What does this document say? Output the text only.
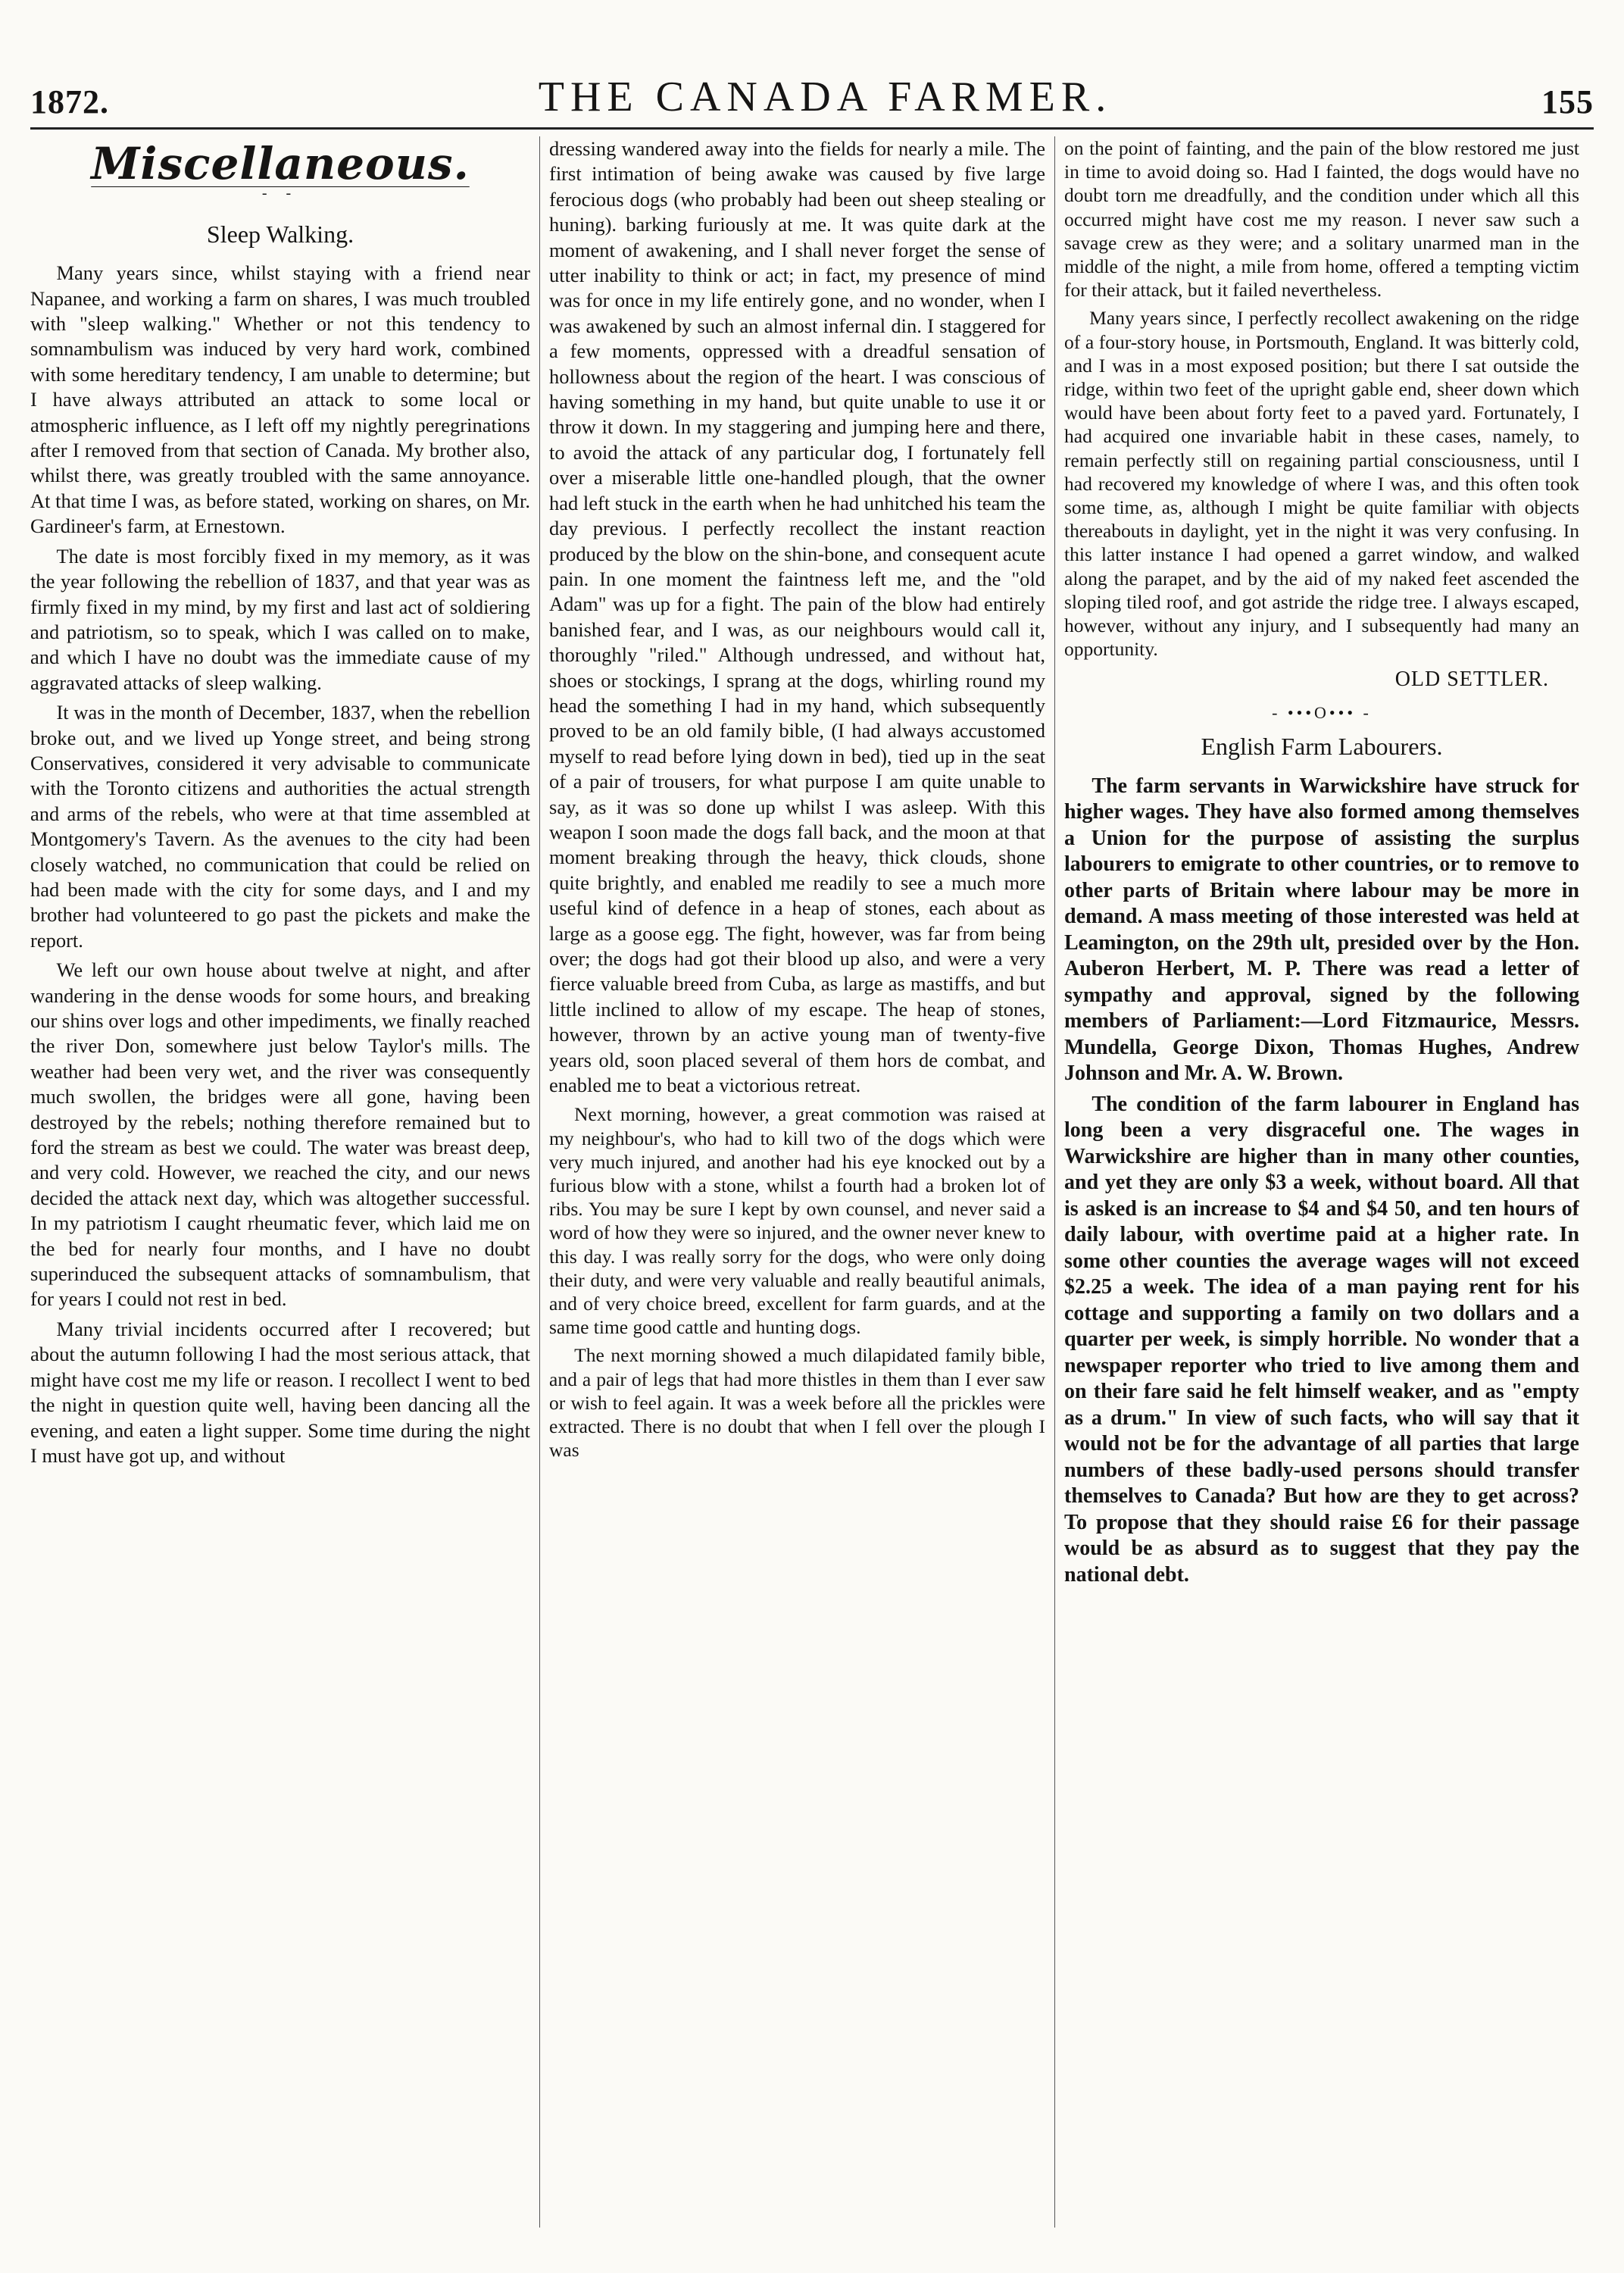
1872.	THE CANADA FARMER.	155
Miscellaneous.
- -
Sleep Walking.

Many years since, whilst staying with a friend near Napanee, and working a farm on shares, I was much troubled with "sleep walking." Whether or not this tendency to somnambulism was induced by very hard work, combined with some hereditary tendency, I am unable to determine; but I have always attributed an attack to some local or atmospheric influence, as I left off my nightly peregrinations after I removed from that section of Canada. My brother also, whilst there, was greatly troubled with the same annoyance. At that time I was, as before stated, working on shares, on Mr. Gardineer's farm, at Ernestown.

The date is most forcibly fixed in my memory, as it was the year following the rebellion of 1837, and that year was as firmly fixed in my mind, by my first and last act of soldiering and patriotism, so to speak, which I was called on to make, and which I have no doubt was the immediate cause of my aggravated attacks of sleep walking.

It was in the month of December, 1837, when the rebellion broke out, and we lived up Yonge street, and being strong Conservatives, considered it very advisable to communicate with the Toronto citizens and authorities the actual strength and arms of the rebels, who were at that time assembled at Montgomery's Tavern. As the avenues to the city had been closely watched, no communication that could be relied on had been made with the city for some days, and I and my brother had volunteered to go past the pickets and make the report.

We left our own house about twelve at night, and after wandering in the dense woods for some hours, and breaking our shins over logs and other impediments, we finally reached the river Don, somewhere just below Taylor's mills. The weather had been very wet, and the river was consequently much swollen, the bridges were all gone, having been destroyed by the rebels; nothing therefore remained but to ford the stream as best we could. The water was breast deep, and very cold. However, we reached the city, and our news decided the attack next day, which was altogether successful. In my patriotism I caught rheumatic fever, which laid me on the bed for nearly four months, and I have no doubt superinduced the subsequent attacks of somnambulism, that for years I could not rest in bed.

Many trivial incidents occurred after I recovered; but about the autumn following I had the most serious attack, that might have cost me my life or reason. I recollect I went to bed the night in question quite well, having been dancing all the evening, and eaten a light supper. Some time during the night I must have got up, and without

dressing wandered away into the fields for nearly a mile. The first intimation of being awake was caused by five large ferocious dogs (who probably had been out sheep stealing or huning). barking furiously at me. It was quite dark at the moment of awakening, and I shall never forget the sense of utter inability to think or act; in fact, my presence of mind was for once in my life entirely gone, and no wonder, when I was awakened by such an almost infernal din. I staggered for a few moments, oppressed with a dreadful sensation of hollowness about the region of the heart. I was conscious of having something in my hand, but quite unable to use it or throw it down. In my staggering and jumping here and there, to avoid the attack of any particular dog, I fortunately fell over a miserable little one-handled plough, that the owner had left stuck in the earth when he had unhitched his team the day previous. I perfectly recollect the instant reaction produced by the blow on the shin-bone, and consequent acute pain. In one moment the faintness left me, and the "old Adam" was up for a fight. The pain of the blow had entirely banished fear, and I was, as our neighbours would call it, thoroughly "riled." Although undressed, and without hat, shoes or stockings, I sprang at the dogs, whirling round my head the something I had in my hand, which subsequently proved to be an old family bible, (I had always accustomed myself to read before lying down in bed), tied up in the seat of a pair of trousers, for what purpose I am quite unable to say, as it was so done up whilst I was asleep. With this weapon I soon made the dogs fall back, and the moon at that moment breaking through the heavy, thick clouds, shone quite brightly, and enabled me readily to see a much more useful kind of defence in a heap of stones, each about as large as a goose egg. The fight, however, was far from being over; the dogs had got their blood up also, and were a very fierce valuable breed from Cuba, as large as mastiffs, and but little inclined to allow of my escape. The heap of stones, however, thrown by an active young man of twenty-five years old, soon placed several of them hors de combat, and enabled me to beat a victorious retreat.

Next morning, however, a great commotion was raised at my neighbour's, who had to kill two of the dogs which were very much injured, and another had his eye knocked out by a furious blow with a stone, whilst a fourth had a broken lot of ribs. You may be sure I kept by own counsel, and never said a word of how they were so injured, and the owner never knew to this day. I was really sorry for the dogs, who were only doing their duty, and were very valuable and really beautiful animals, and of very choice breed, excellent for farm guards, and at the same time good cattle and hunting dogs.

The next morning showed a much dilapidated family bible, and a pair of legs that had more thistles in them than I ever saw or wish to feel again. It was a week before all the prickles were extracted. There is no doubt that when I fell over the plough I was

on the point of fainting, and the pain of the blow restored me just in time to avoid doing so. Had I fainted, the dogs would have no doubt torn me dreadfully, and the condition under which all this occurred might have cost me my reason. I never saw such a savage crew as they were; and a solitary unarmed man in the middle of the night, a mile from home, offered a tempting victim for their attack, but it failed nevertheless.

Many years since, I perfectly recollect awakening on the ridge of a four-story house, in Portsmouth, England. It was bitterly cold, and I was in a most exposed position; but there I sat outside the ridge, within two feet of the upright gable end, sheer down which would have been about forty feet to a paved yard. Fortunately, I had acquired one invariable habit in these cases, namely, to remain perfectly still on regaining partial consciousness, until I had recovered my knowledge of where I was, and this often took some time, as, although I might be quite familiar with objects thereabouts in daylight, yet in the night it was very confusing. In this latter instance I had opened a garret window, and walked along the parapet, and by the aid of my naked feet ascended the sloping tiled roof, and got astride the ridge tree. I always escaped, however, without any injury, and I subsequently had many an opportunity.

OLD SETTLER.
- •••O••• -
English Farm Labourers.

The farm servants in Warwickshire have struck for higher wages. They have also formed among themselves a Union for the purpose of assisting the surplus labourers to emigrate to other countries, or to remove to other parts of Britain where labour may be more in demand. A mass meeting of those interested was held at Leamington, on the 29th ult, presided over by the Hon. Auberon Herbert, M. P. There was read a letter of sympathy and approval, signed by the following members of Parliament:—Lord Fitzmaurice, Messrs. Mundella, George Dixon, Thomas Hughes, Andrew Johnson and Mr. A. W. Brown.

The condition of the farm labourer in England has long been a very disgraceful one. The wages in Warwickshire are higher than in many other counties, and yet they are only $3 a week, without board. All that is asked is an increase to $4 and $4 50, and ten hours of daily labour, with overtime paid at a higher rate. In some other counties the average wages will not exceed $2.25 a week. The idea of a man paying rent for his cottage and supporting a family on two dollars and a quarter per week, is simply horrible. No wonder that a newspaper reporter who tried to live among them and on their fare said he felt himself weaker, and as "empty as a drum." In view of such facts, who will say that it would not be for the advantage of all parties that large numbers of these badly-used persons should transfer themselves to Canada? But how are they to get across? To propose that they should raise £6 for their passage would be as absurd as to suggest that they pay the national debt.
